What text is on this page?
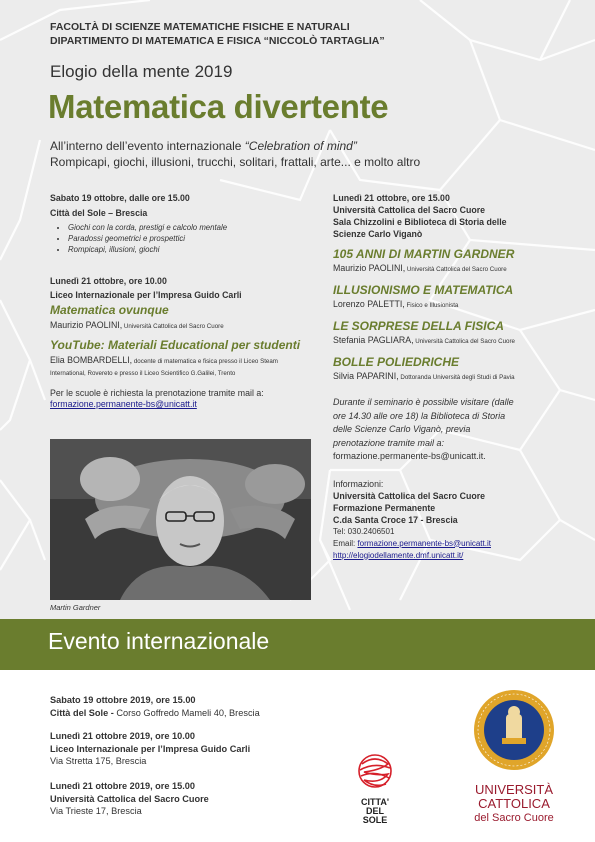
FACOLTÀ DI SCIENZE MATEMATICHE FISICHE E NATURALI
DIPARTIMENTO DI MATEMATICA E FISICA “NICCOLÒ TARTAGLIA”
Elogio della mente 2019
Matematica divertente
All’interno dell’evento internazionale “Celebration of mind”
Rompicapi, giochi, illusioni, trucchi, solitari, frattali, arte... e molto altro
Sabato 19 ottobre, dalle ore 15.00
Città del Sole – Brescia
• Giochi con la corda, prestigi e calcolo mentale
• Paradossi geometrici e prospettici
• Rompicapi, illusioni, giochi
Lunedì 21 ottobre, ore 10.00
Liceo Internazionale per l’Impresa Guido Carli
Matematica ovunque
Maurizio PAOLINI, Università Cattolica del Sacro Cuore
YouTube: Materiali Educational per studenti
Elia BOMBARDELLI, docente di matematica e fisica presso il Liceo Steam International, Rovereto e presso il Liceo Scientifico G.Galilei, Trento
Per le scuole è richiesta la prenotazione tramite mail a: formazione.permanente-bs@unicatt.it
Martin Gardner
Lunedì 21 ottobre, ore 15.00
Università Cattolica del Sacro Cuore
Sala Chizzolini e Biblioteca di Storia delle
Scienze Carlo Viganò
105 ANNI DI MARTIN GARDNER
Maurizio PAOLINI, Università Cattolica del Sacro Cuore
ILLUSIONISMO E MATEMATICA
Lorenzo PALETTI, Fisico e Illusionista
LE SORPRESE DELLA FISICA
Stefania PAGLIARA, Università Cattolica del Sacro Cuore
BOLLE POLIEDRICHE
Silvia PAPARINI, Dottoranda Università degli Studi di Pavia
Durante il seminario è possibile visitare (dalle
ore 14.30 alle ore 18) la Biblioteca di Storia
delle Scienze Carlo Viganò, previa
prenotazione tramite mail a:
formazione.permanente-bs@unicatt.it.
Informazioni:
Università Cattolica del Sacro Cuore
Formazione Permanente
C.da Santa Croce 17 - Brescia
Tel: 030.2406501
Email: formazione.permanente-bs@unicatt.it
http://elogiodellamente.dmf.unicatt.it/
Evento internazionale
Sabato 19 ottobre 2019, ore 15.00
Città del Sole - Corso Goffredo Mameli 40, Brescia
Lunedì 21 ottobre 2019, ore 10.00
Liceo Internazionale per l’Impresa Guido Carli
Via Stretta 175, Brescia
Lunedì 21 ottobre 2019, ore 15.00
Università Cattolica del Sacro Cuore
Via Trieste 17, Brescia
CITTA'
DEL
SOLE
UNIVERSITÀ
CATTOLICA
del Sacro Cuore
